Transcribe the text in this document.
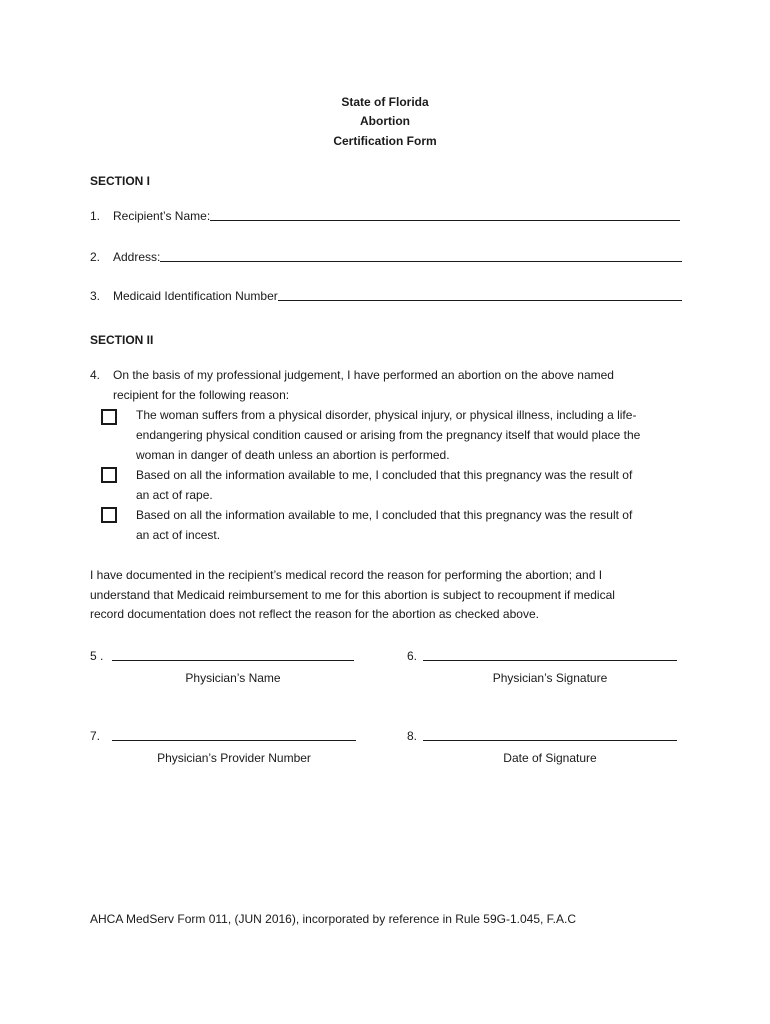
State of Florida
Abortion
Certification Form
SECTION I
1.	Recipient’s Name:
2.	Address:
3.	Medicaid Identification Number
SECTION II
4. On the basis of my professional judgement, I have performed an abortion on the above named
recipient for the following reason:
The woman suffers from a physical disorder, physical injury, or physical illness, including a life-
endangering physical condition caused or arising from the pregnancy itself that would place the
woman in danger of death unless an abortion is performed.
Based on all the information available to me, I concluded that this pregnancy was the result of
an act of rape.
Based on all the information available to me, I concluded that this pregnancy was the result of
an act of incest.
I have documented in the recipient’s medical record the reason for performing the abortion; and I
understand that Medicaid reimbursement to me for this abortion is subject to recoupment if medical
record documentation does not reflect the reason for the abortion as checked above.
5 .
Physician’s Name
6.
Physician’s Signature
7.
Physician’s Provider Number
8.
Date of Signature
AHCA MedServ Form 011, (JUN 2016), incorporated by reference in Rule 59G-1.045, F.A.C
